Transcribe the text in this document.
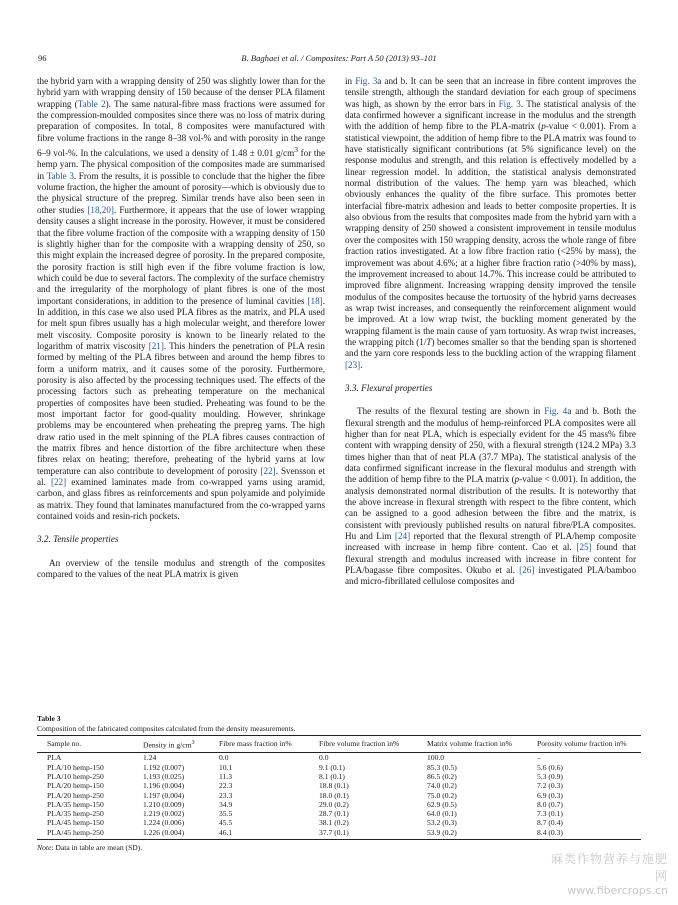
96	B. Baghaei et al. / Composites: Part A 50 (2013) 93–101

the hybrid yarn with a wrapping density of 250 was slightly lower than for the hybrid yarn with wrapping density of 150 because of the denser PLA filament wrapping (Table 2). The same natural-fibre mass fractions were assumed for the compression-moulded composites since there was no loss of matrix during preparation of composites. In total, 8 composites were manufactured with fibre volume fractions in the range 8–38 vol-% and with porosity in the range 6–9 vol-%. In the calculations, we used a density of 1.48 ± 0.01 $g/cm^3$ for the hemp yarn. The physical composition of the composites made are summarised in Table 3. From the results, it is possible to conclude that the higher the fibre volume fraction, the higher the amount of porosity—which is obviously due to the physical structure of the prepreg. Similar trends have also been seen in other studies [18,20]. Furthermore, it appears that the use of lower wrapping density causes a slight increase in the porosity. However, it must be considered that the fibre volume fraction of the composite with a wrapping density of 150 is slightly higher than for the composite with a wrapping density of 250, so this might explain the increased degree of porosity. In the prepared composite, the porosity fraction is still high even if the fibre volume fraction is low, which could be due to several factors. The complexity of the surface chemistry and the irregularity of the morphology of plant fibres is one of the most important considerations, in addition to the presence of luminal cavities [18]. In addition, in this case we also used PLA fibres as the matrix, and PLA used for melt spun fibres usually has a high molecular weight, and therefore lower melt viscosity. Composite porosity is known to be linearly related to the logarithm of matrix viscosity [21]. This hinders the penetration of PLA resin formed by melting of the PLA fibres between and around the hemp fibres to form a uniform matrix, and it causes some of the porosity. Furthermore, porosity is also affected by the processing techniques used. The effects of the processing factors such as preheating temperature on the mechanical properties of composites have been studied. Preheating was found to be the most important factor for good-quality moulding. However, shrinkage problems may be encountered when preheating the prepreg yarns. The high draw ratio used in the melt spinning of the PLA fibres causes contraction of the matrix fibres and hence distortion of the fibre architecture when these fibres relax on heating; therefore, preheating of the hybrid yarns at low temperature can also contribute to development of porosity [22]. Svensson et al. [22] examined laminates made from co-wrapped yarns using aramid, carbon, and glass fibres as reinforcements and spun polyamide and polyimide as matrix. They found that laminates manufactured from the co-wrapped yarns contained voids and resin-rich pockets.

3.2. Tensile properties

An overview of the tensile modulus and strength of the composites compared to the values of the neat PLA matrix is given

in Fig. 3a and b. It can be seen that an increase in fibre content improves the tensile strength, although the standard deviation for each group of specimens was high, as shown by the error bars in Fig. 3. The statistical analysis of the data confirmed however a significant increase in the modulus and the strength with the addition of hemp fibre to the PLA-matrix (p-value < 0.001). From a statistical viewpoint, the addition of hemp fibre to the PLA matrix was found to have statistically significant contributions (at 5% significance level) on the response modulus and strength, and this relation is effectively modelled by a linear regression model. In addition, the statistical analysis demonstrated normal distribution of the values. The hemp yarn was bleached, which obviously enhances the quality of the fibre surface. This promotes better interfacial fibre-matrix adhesion and leads to better composite properties. It is also obvious from the results that composites made from the hybrid yarn with a wrapping density of 250 showed a consistent improvement in tensile modulus over the composites with 150 wrapping density, across the whole range of fibre fraction ratios investigated. At a low fibre fraction ratio (<25% by mass), the improvement was about 4.6%; at a higher fibre fraction ratio (>40% by mass), the improvement increased to about 14.7%. This increase could be attributed to improved fibre alignment. Increasing wrapping density improved the tensile modulus of the composites because the tortuosity of the hybrid yarns decreases as wrap twist increases, and consequently the reinforcement alignment would be improved. At a low wrap twist, the buckling moment generated by the wrapping filament is the main cause of yarn tortuosity. As wrap twist increases, the wrapping pitch (1/T) becomes smaller so that the bending span is shortened and the yarn core responds less to the buckling action of the wrapping filament [23].

3.3. Flexural properties

The results of the flexural testing are shown in Fig. 4a and b. Both the flexural strength and the modulus of hemp-reinforced PLA composites were all higher than for neat PLA, which is especially evident for the 45 mass% fibre content with wrapping density of 250, with a flexural strength (124.2 MPa) 3.3 times higher than that of neat PLA (37.7 MPa). The statistical analysis of the data confirmed significant increase in the flexural modulus and strength with the addition of hemp fibre to the PLA matrix (p-value < 0.001). In addition, the analysis demonstrated normal distribution of the results. It is noteworthy that the above increase in flexural strength with respect to the fibre content, which can be assigned to a good adhesion between the fibre and the matrix, is consistent with previously published results on natural fibre/PLA composites. Hu and Lim [24] reported that the flexural strength of PLA/hemp composite increased with increase in hemp fibre content. Cao et al. [25] found that flexural strength and modulus increased with increase in fibre content for PLA/bagasse fibre composites. Okubo et al. [26] investigated PLA/bamboo and micro-fibrillated cellulose composites and

Table 3
Composition of the fabricated composites calculated from the density measurements.
Sample no.	Density in $g/cm^3$	Fibre mass fraction in%	Fibre volume fraction in%	Matrix volume fraction in%	Porosity volume fraction in%
PLA	1.24	0.0	0.0	100.0	–
PLA/10 hemp-150	1.192 (0.007)	10.1	9.1 (0.1)	85.3 (0.5)	5.6 (0.6)
PLA/10 hemp-250	1.193 (0.025)	11.3	8.1 (0.1)	86.5 (0.2)	5.3 (0.9)
PLA/20 hemp-150	1.196 (0.004)	22.3	18.8 (0.1)	74.0 (0.2)	7.2 (0.3)
PLA/20 hemp-250	1.197 (0.004)	23.3	18.0 (0.1)	75.0 (0.2)	6.9 (0.3)
PLA/35 hemp-150	1.210 (0.009)	34.9	29.0 (0.2)	62.9 (0.5)	8.0 (0.7)
PLA/35 hemp-250	1.219 (0.002)	35.5	28.7 (0.1)	64.0 (0.1)	7.3 (0.1)
PLA/45 hemp-150	1.224 (0.006)	45.5	38.1 (0.2)	53.2 (0.3)	8.7 (0.4)
PLA/45 hemp-250	1.226 (0.004)	46.1	37.7 (0.1)	53.9 (0.2)	8.4 (0.3)
Note: Data in table are mean (SD).
麻类作物营养与施肥网
www.fibercrops.cn
